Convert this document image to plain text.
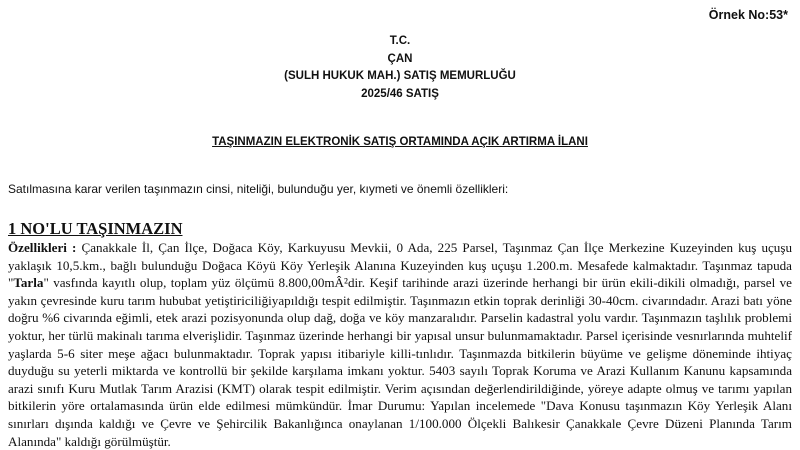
Örnek No:53*
T.C.
ÇAN
(SULH HUKUK MAH.) SATIŞ MEMURLUĞU
2025/46 SATIŞ
TAŞINMAZIN ELEKTRONİK SATIŞ ORTAMINDA AÇIK ARTIRMA İLANI
Satılmasına karar verilen taşınmazın cinsi, niteliği, bulunduğu yer, kıymeti ve önemli özellikleri:
1 NO'LU TAŞINMAZIN
Özellikleri : Çanakkale İl, Çan İlçe, Doğaca Köy, Karkuyusu Mevkii, 0 Ada, 225 Parsel, Taşınmaz Çan İlçe Merkezine Kuzeyinden kuş uçuşu yaklaşık 10,5.km., bağlı bulunduğu Doğaca Köyü Köy Yerleşik Alanına Kuzeyinden kuş uçuşu 1.200.m. Mesafede kalmaktadır. Taşınmaz tapuda "Tarla" vasfında kayıtlı olup, toplam yüz ölçümü 8.800,00mÂ²dir. Keşif tarihinde arazi üzerinde herhangi bir ürün ekili-dikili olmadığı, parsel ve yakın çevresinde kuru tarım hububat yetiştiriciliğiyapıldığı tespit edilmiştir. Taşınmazın etkin toprak derinliği 30-40cm. civarındadır. Arazi batı yöne doğru %6 civarında eğimli, etek arazi pozisyonunda olup dağ, doğa ve köy manzaralıdır. Parselin kadastral yolu vardır. Taşınmazın taşlılık problemi yoktur, her türlü makinalı tarıma elverişlidir. Taşınmaz üzerinde herhangi bir yapısal unsur bulunmamaktadır. Parsel içerisinde vesnırlarında muhtelif yaşlarda 5-6 siter meşe ağacı bulunmaktadır. Toprak yapısı itibariyle killi-tınlıdır. Taşınmazda bitkilerin büyüme ve gelişme döneminde ihtiyaç duyduğu su yeterli miktarda ve kontrollü bir şekilde karşılama imkanı yoktur. 5403 sayılı Toprak Koruma ve Arazi Kullanım Kanunu kapsamında arazi sınıfı Kuru Mutlak Tarım Arazisi (KMT) olarak tespit edilmiştir. Verim açısından değerlendirildiğinde, yöreye adapte olmuş ve tarımı yapılan bitkilerin yöre ortalamasında ürün elde edilmesi mümkündür. İmar Durumu: Yapılan incelemede "Dava Konusu taşınmazın Köy Yerleşik Alanı sınırları dışında kaldığı ve Çevre ve Şehircilik Bakanlığınca onaylanan 1/100.000 Ölçekli Balıkesir Çanakkale Çevre Düzeni Planında Tarım Alanında" kaldığı görülmüştür.
